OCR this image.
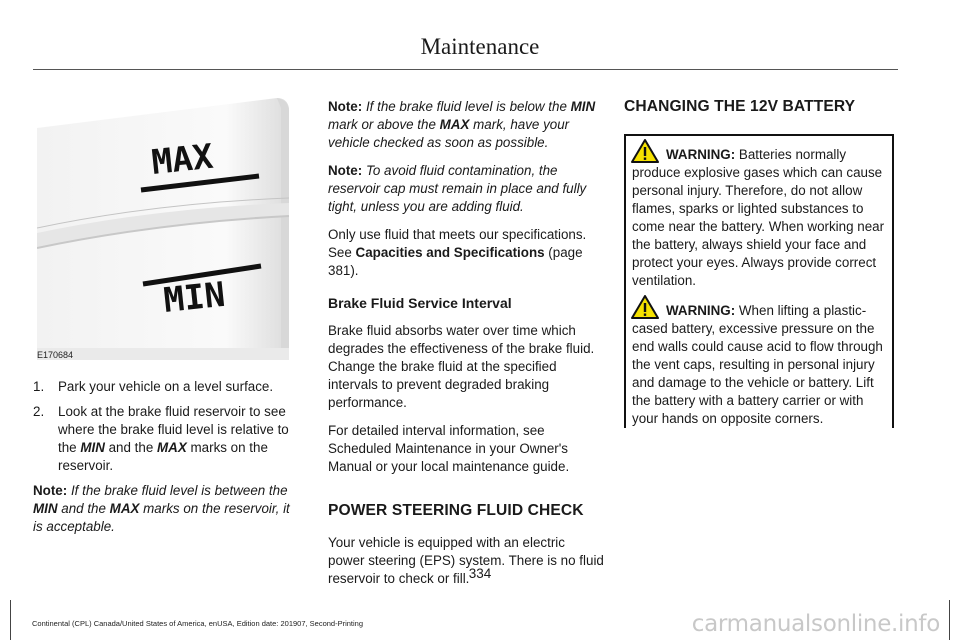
Maintenance
MAX
MIN
E170684
1.	Park your vehicle on a level surface.
2.	Look at the brake fluid reservoir to see where the brake fluid level is relative to the MIN and the MAX marks on the reservoir.

Note: If the brake fluid level is between the MIN and the MAX marks on the reservoir, it is acceptable.

Note: If the brake fluid level is below the MIN mark or above the MAX mark, have your vehicle checked as soon as possible.

Note: To avoid fluid contamination, the reservoir cap must remain in place and fully tight, unless you are adding fluid.

Only use fluid that meets our specifications. See Capacities and Specifications (page 381).

Brake Fluid Service Interval

Brake fluid absorbs water over time which degrades the effectiveness of the brake fluid. Change the brake fluid at the specified intervals to prevent degraded braking performance.

For detailed interval information, see Scheduled Maintenance in your Owner's Manual or your local maintenance guide.

POWER STEERING FLUID CHECK

Your vehicle is equipped with an electric power steering (EPS) system. There is no fluid reservoir to check or fill.

CHANGING THE 12V BATTERY

WARNING: Batteries normally produce explosive gases which can cause personal injury. Therefore, do not allow flames, sparks or lighted substances to come near the battery. When working near the battery, always shield your face and protect your eyes. Always provide correct ventilation.

WARNING: When lifting a plastic-cased battery, excessive pressure on the end walls could cause acid to flow through the vent caps, resulting in personal injury and damage to the vehicle or battery. Lift the battery with a battery carrier or with your hands on opposite corners.

334
Continental (CPL) Canada/United States of America, enUSA, Edition date: 201907, Second-Printing	carmanualsonline.info
